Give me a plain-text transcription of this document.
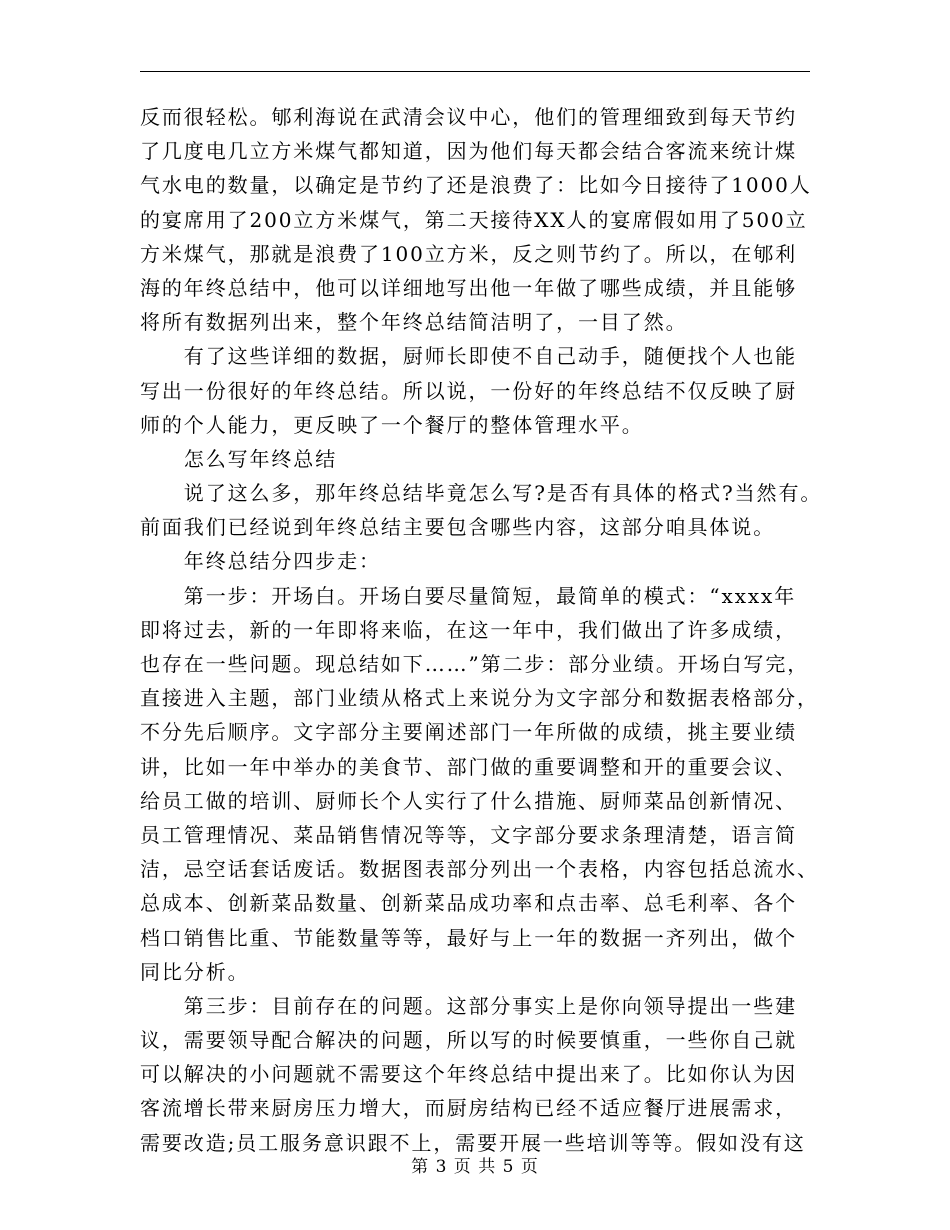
反而很轻松。郇利海说在武清会议中心，他们的管理细致到每天节约
了几度电几立方米煤气都知道，因为他们每天都会结合客流来统计煤
气水电的数量，以确定是节约了还是浪费了：比如今日接待了1000人
的宴席用了200立方米煤气，第二天接待XX人的宴席假如用了500立
方米煤气，那就是浪费了100立方米，反之则节约了。所以，在郇利
海的年终总结中，他可以详细地写出他一年做了哪些成绩，并且能够
将所有数据列出来，整个年终总结简洁明了，一目了然。
　　有了这些详细的数据，厨师长即使不自己动手，随便找个人也能
写出一份很好的年终总结。所以说，一份好的年终总结不仅反映了厨
师的个人能力，更反映了一个餐厅的整体管理水平。
　　怎么写年终总结
　　说了这么多，那年终总结毕竟怎么写?是否有具体的格式?当然有。
前面我们已经说到年终总结主要包含哪些内容，这部分咱具体说。
　　年终总结分四步走：
　　第一步：开场白。开场白要尽量简短，最简单的模式：“xxxx年
即将过去，新的一年即将来临，在这一年中，我们做出了许多成绩，
也存在一些问题。现总结如下……”第二步：部分业绩。开场白写完，
直接进入主题，部门业绩从格式上来说分为文字部分和数据表格部分，
不分先后顺序。文字部分主要阐述部门一年所做的成绩，挑主要业绩
讲，比如一年中举办的美食节、部门做的重要调整和开的重要会议、
给员工做的培训、厨师长个人实行了什么措施、厨师菜品创新情况、
员工管理情况、菜品销售情况等等，文字部分要求条理清楚，语言简
洁，忌空话套话废话。数据图表部分列出一个表格，内容包括总流水、
总成本、创新菜品数量、创新菜品成功率和点击率、总毛利率、各个
档口销售比重、节能数量等等，最好与上一年的数据一齐列出，做个
同比分析。
　　第三步：目前存在的问题。这部分事实上是你向领导提出一些建
议，需要领导配合解决的问题，所以写的时候要慎重，一些你自己就
可以解决的小问题就不需要这个年终总结中提出来了。比如你认为因
客流增长带来厨房压力增大，而厨房结构已经不适应餐厅进展需求，
需要改造;员工服务意识跟不上，需要开展一些培训等等。假如没有这
第 3 页 共 5 页
